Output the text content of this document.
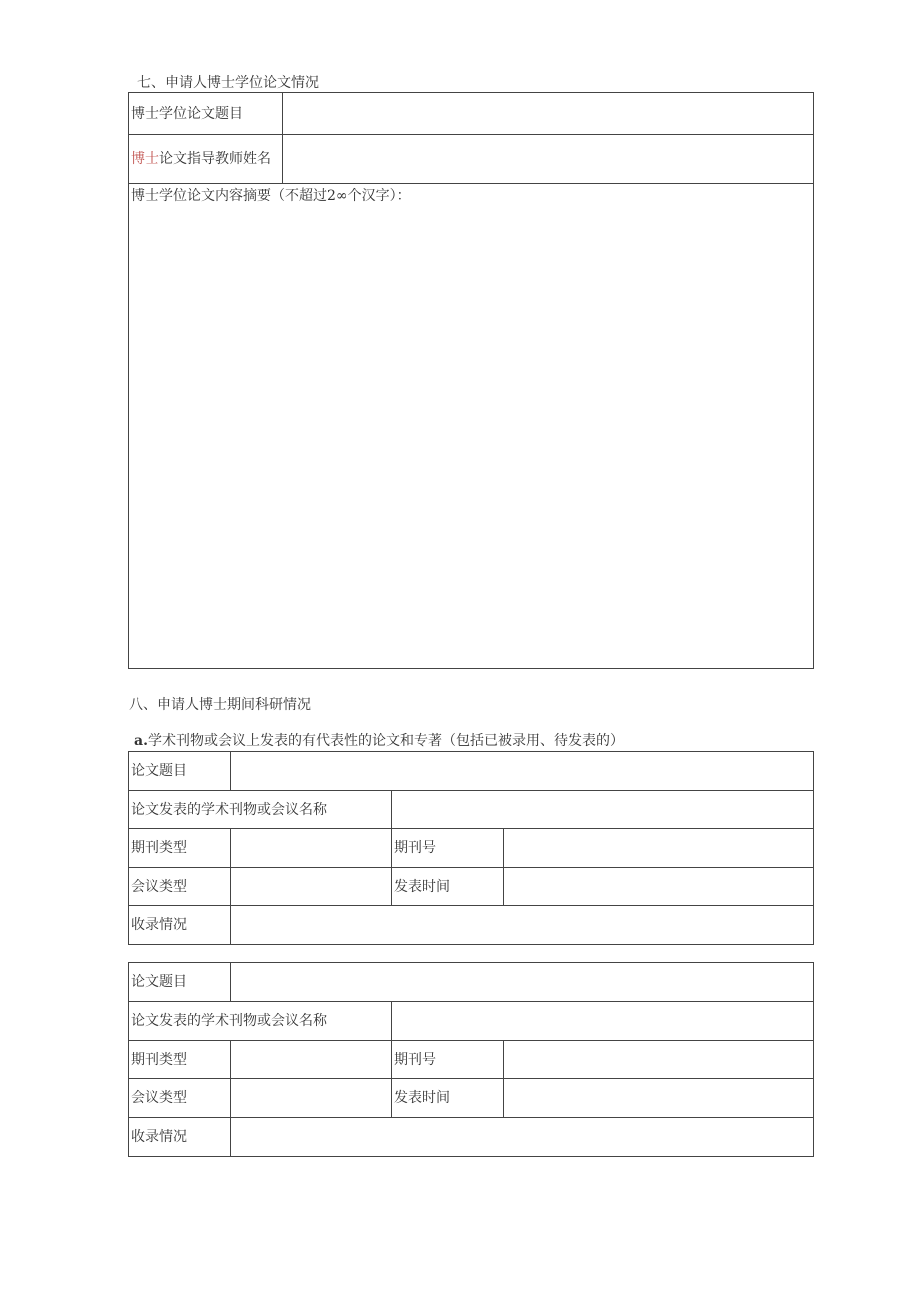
七、申请人博士学位论文情况
博士学位论文题目	
博士论文指导教师姓名	
博士学位论文内容摘要（不超过2∞个汉字）：	
八、申请人博士期间科研情况
a.学术刊物或会议上发表的有代表性的论文和专著（包括已被录用、待发表的）
论文题目			
论文发表的学术刊物或会议名称			
期刊类型		期刊号	
会议类型		发表时间	
收录情况			
论文题目			
论文发表的学术刊物或会议名称			
期刊类型		期刊号	
会议类型		发表时间	
收录情况			
